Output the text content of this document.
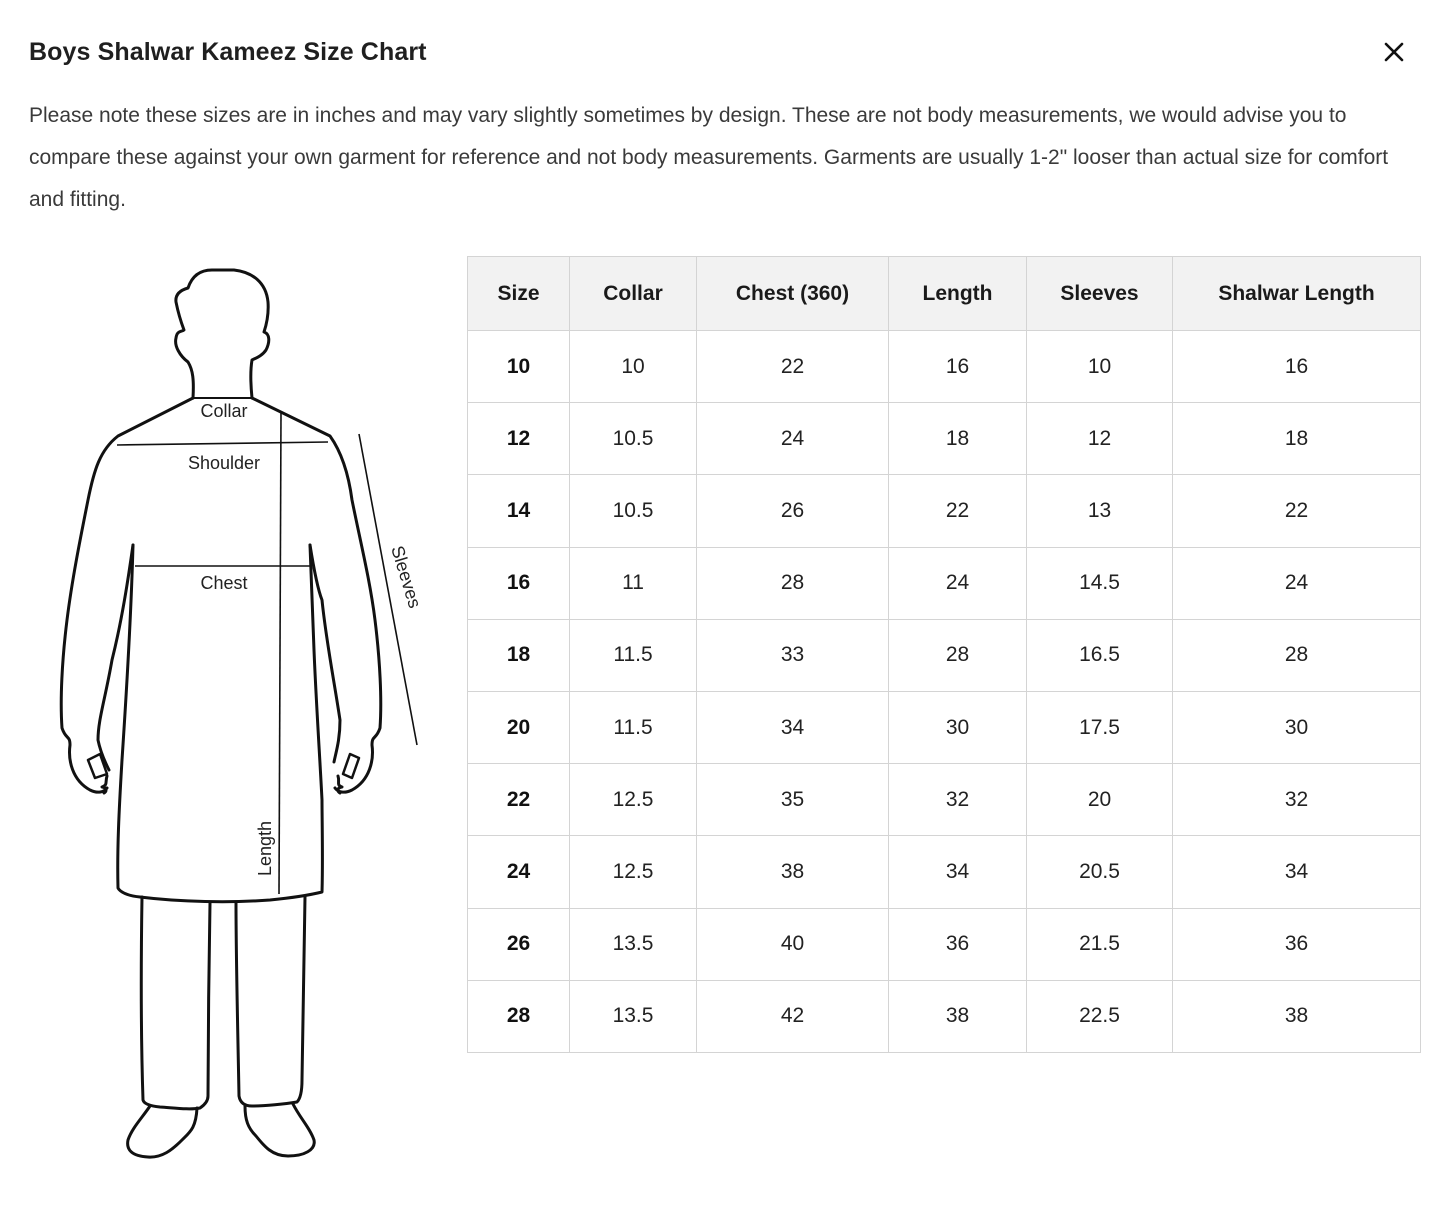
Boys Shalwar Kameez Size Chart

Please note these sizes are in inches and may vary slightly sometimes by design. These are not body measurements, we would advise you to compare these against your own garment for reference and not body measurements. Garments are usually 1-2" looser than actual size for comfort and fitting.

Collar
Shoulder
Chest	Sleeves
Length
Size	Collar	Chest (360)	Length	Sleeves	Shalwar Length
10	10	22	16	10	16
12	10.5	24	18	12	18
14	10.5	26	22	13	22
16	11	28	24	14.5	24
18	11.5	33	28	16.5	28
20	11.5	34	30	17.5	30
22	12.5	35	32	20	32
24	12.5	38	34	20.5	34
26	13.5	40	36	21.5	36
28	13.5	42	38	22.5	38
